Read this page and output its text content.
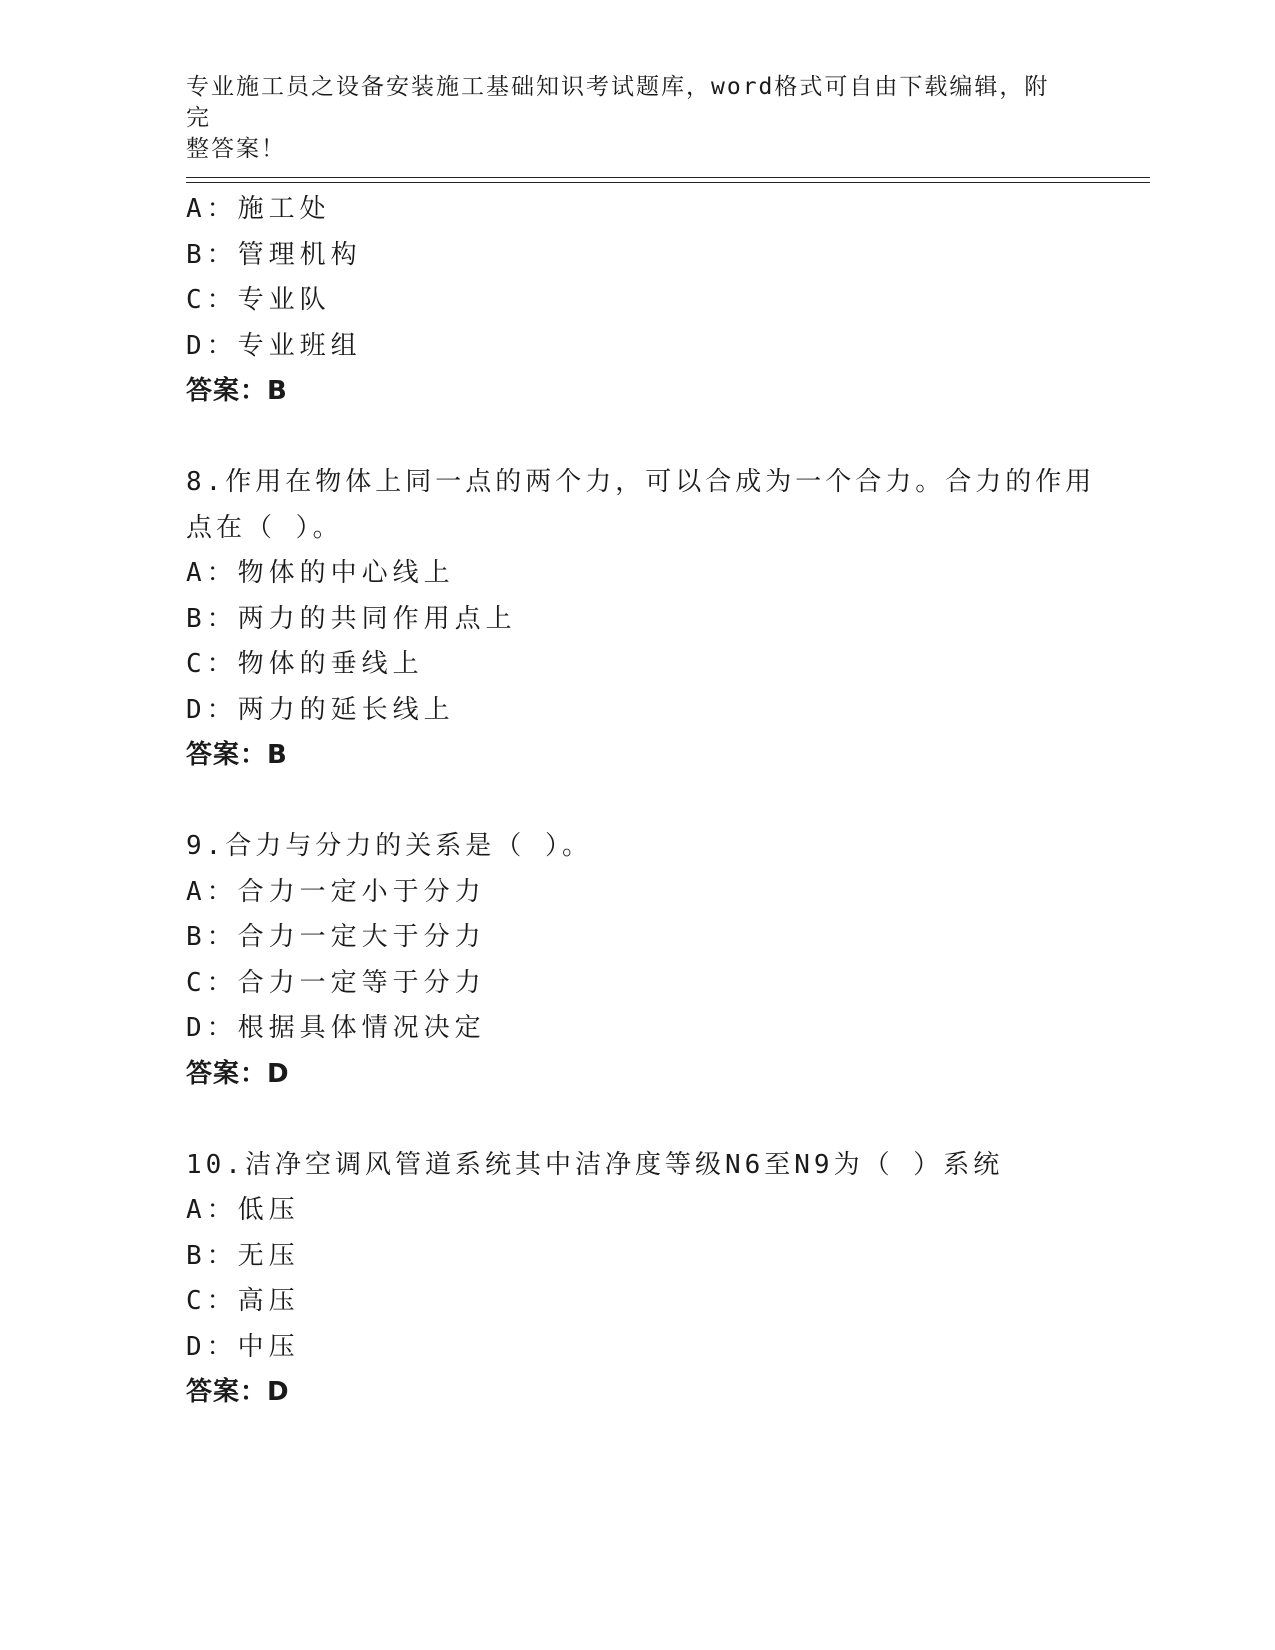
专业施工员之设备安装施工基础知识考试题库，word格式可自由下载编辑，附完
整答案！
A：施工处
B：管理机构
C：专业队
D：专业班组
答案：B
8.作用在物体上同一点的两个力，可以合成为一个合力。合力的作用
点在（ ）。
A：物体的中心线上
B：两力的共同作用点上
C：物体的垂线上
D：两力的延长线上
答案：B
9.合力与分力的关系是（ ）。
A：合力一定小于分力
B：合力一定大于分力
C：合力一定等于分力
D：根据具体情况决定
答案：D
10.洁净空调风管道系统其中洁净度等级N6至N9为（ ）系统
A：低压
B：无压
C：高压
D：中压
答案：D
